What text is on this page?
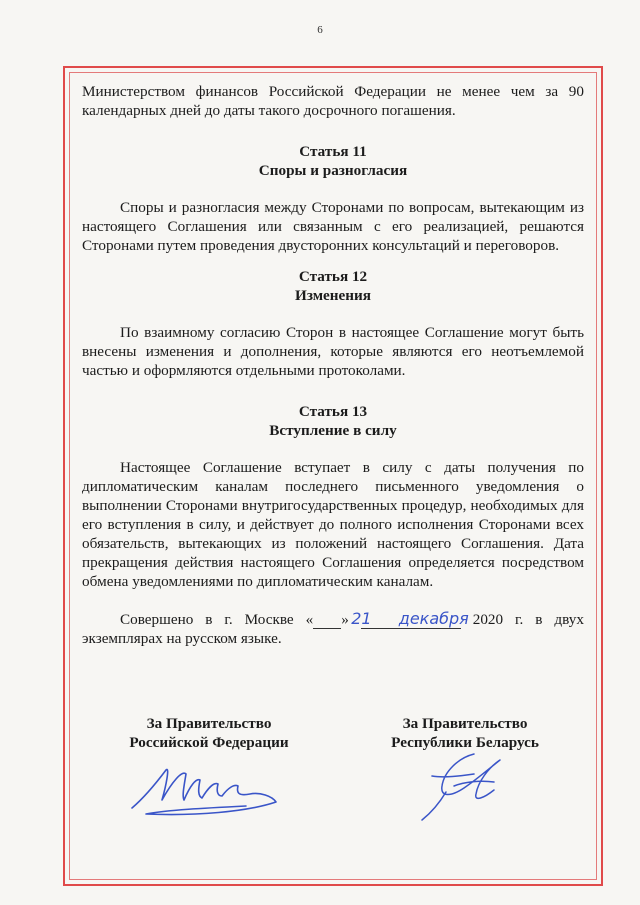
6

Министерством финансов Российской Федерации не менее чем за 90 календарных дней до даты такого досрочного погашения.

Статья 11

Споры и разногласия

Споры и разногласия между Сторонами по вопросам, вытекающим из настоящего Соглашения или связанным с его реализацией, решаются Сторонами путем проведения двусторонних консультаций и переговоров.

Статья 12

Изменения

По взаимному согласию Сторон в настоящее Соглашение могут быть внесены изменения и дополнения, которые являются его неотъемлемой частью и оформляются отдельными протоколами.

Статья 13

Вступление в силу

Настоящее Соглашение вступает в силу с даты получения по дипломатическим каналам последнего письменного уведомления о выполнении Сторонами внутригосударственных процедур, необходимых для его вступления в силу, и действует до полного исполнения Сторонами всех обязательств, вытекающих из положений настоящего Соглашения. Дата прекращения действия настоящего Соглашения определяется посредством обмена уведомлениями по дипломатическим каналам.

Совершено в г. Москве « 21»	декабря 2020 г. в двух экземплярах на русском языке.

За Правительство
Российской Федерации
За Правительство
Республики Беларусь
